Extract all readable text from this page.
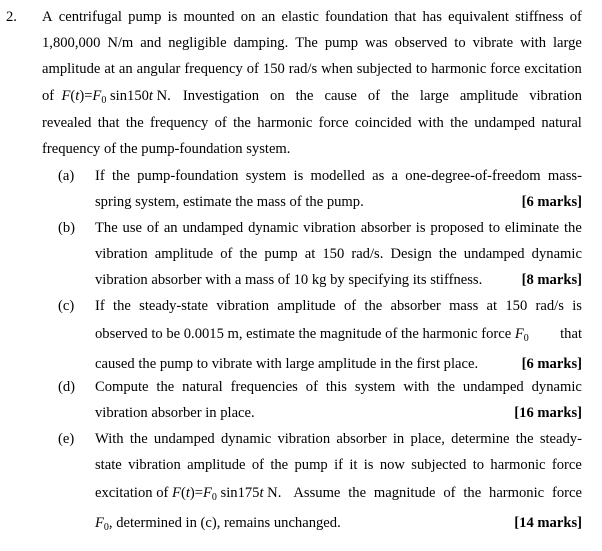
2. A centrifugal pump is mounted on an elastic foundation that has equivalent stiffness of
1,800,000 N/m and negligible damping. The pump was observed to vibrate with large
amplitude at an angular frequency of 150 rad/s when subjected to harmonic force excitation
of $F(t)=F_0$ sin150t N. Investigation on the cause of the large amplitude vibration
revealed that the frequency of the harmonic force coincided with the undamped natural
frequency of the pump-foundation system.
(a) If the pump-foundation system is modelled as a one-degree-of-freedom mass-
spring system, estimate the mass of the pump.	[6 marks]
(b) The use of an undamped dynamic vibration absorber is proposed to eliminate the
vibration amplitude of the pump at 150 rad/s. Design the undamped dynamic
vibration absorber with a mass of 10 kg by specifying its stiffness.	[8 marks]
(c) If the steady-state vibration amplitude of the absorber mass at 150 rad/s is
observed to be 0.0015 m, estimate the magnitude of the harmonic force $F_0$ that
caused the pump to vibrate with large amplitude in the first place.	[6 marks]
(d) Compute the natural frequencies of this system with the undamped dynamic
vibration absorber in place.	[16 marks]
(e) With the undamped dynamic vibration absorber in place, determine the steady-
state vibration amplitude of the pump if it is now subjected to harmonic force
excitation of $F(t)=F_0$ sin175t N. Assume the magnitude of the harmonic force
$F_0$, determined in (c), remains unchanged.	[14 marks]
